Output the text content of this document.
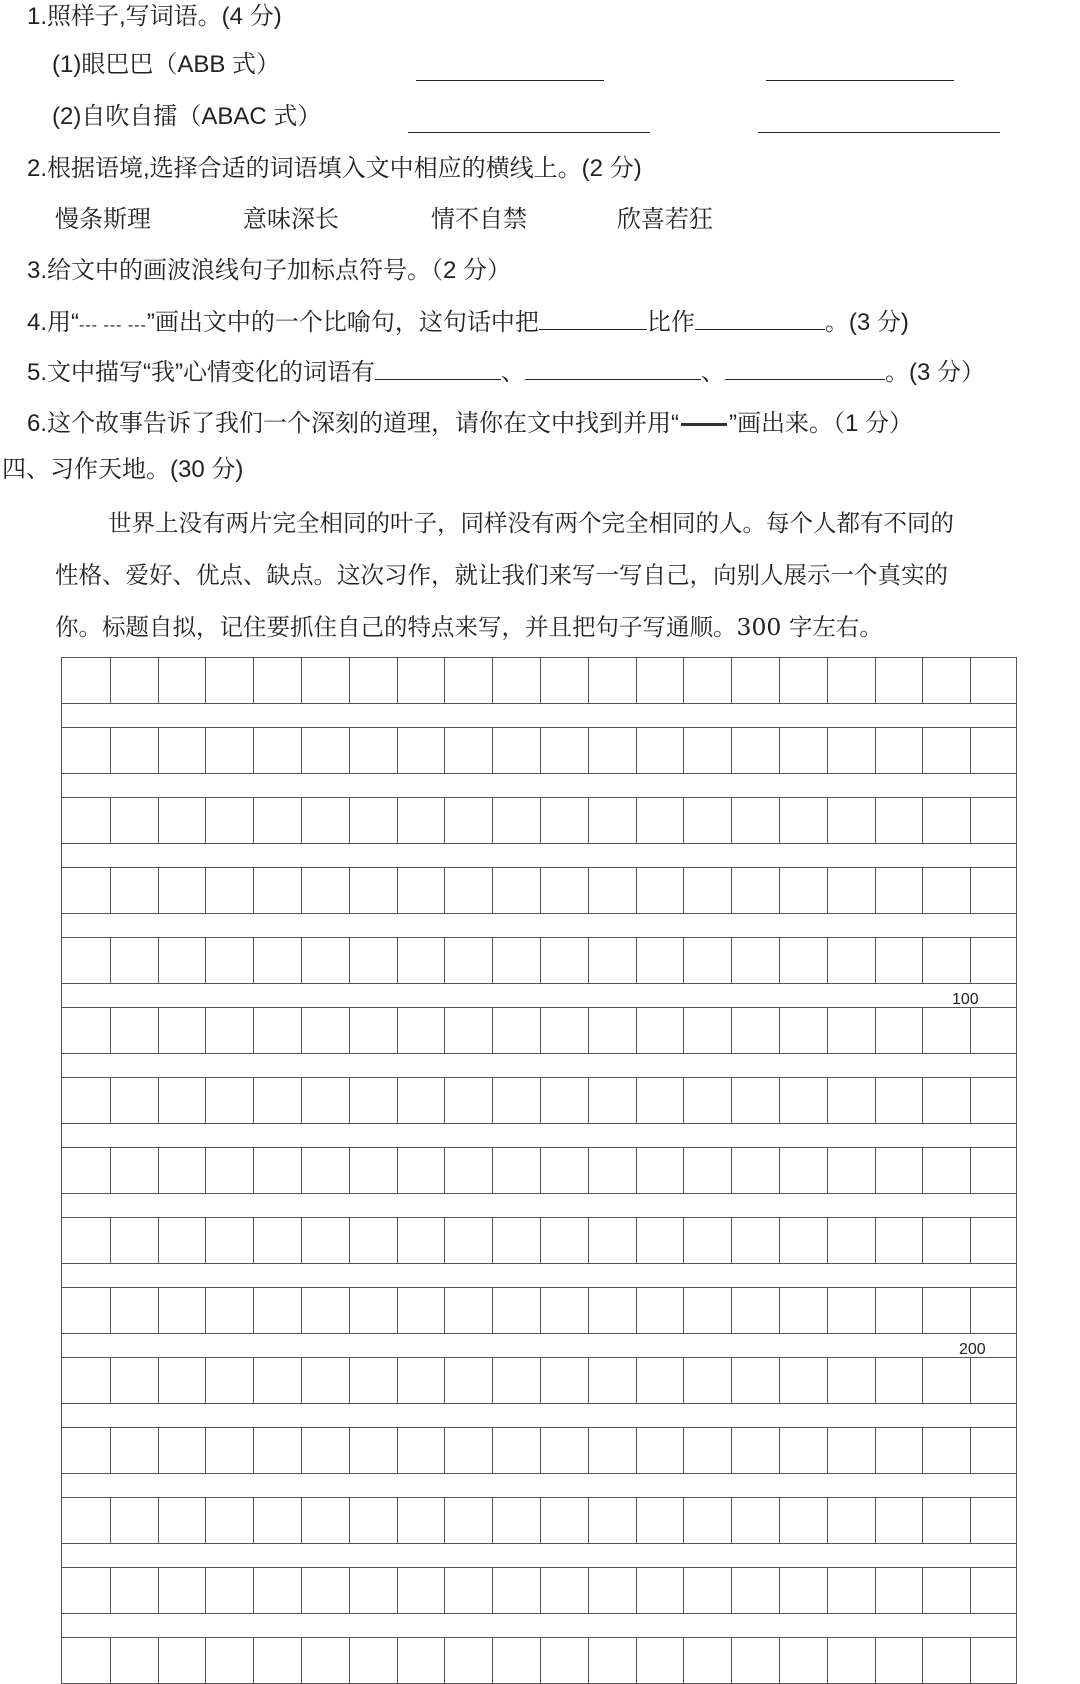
1.照样子,写词语。(4 分)
(1)眼巴巴（ABB 式）
(2)自吹自擂（ABAC 式）
2.根据语境,选择合适的词语填入文中相应的横线上。(2 分)
慢条斯理	意味深长	情不自禁	欣喜若狂
3.给文中的画波浪线句子加标点符号。（2 分）
4.用“--- --- ---”画出文中的一个比喻句，这句话中把	比作	。(3 分)
5.文中描写“我”心情变化的词语有	、	、	。(3 分）
6.这个故事告诉了我们一个深刻的道理，请你在文中找到并用“ ”画出来。（1 分）
四、习作天地。(30 分)
世界上没有两片完全相同的叶子，同样没有两个完全相同的人。每个人都有不同的
性格、爱好、优点、缺点。这次习作，就让我们来写一写自己，向别人展示一个真实的
你。标题自拟，记住要抓住自己的特点来写，并且把句子写通顺。300 字左右。
100
200
